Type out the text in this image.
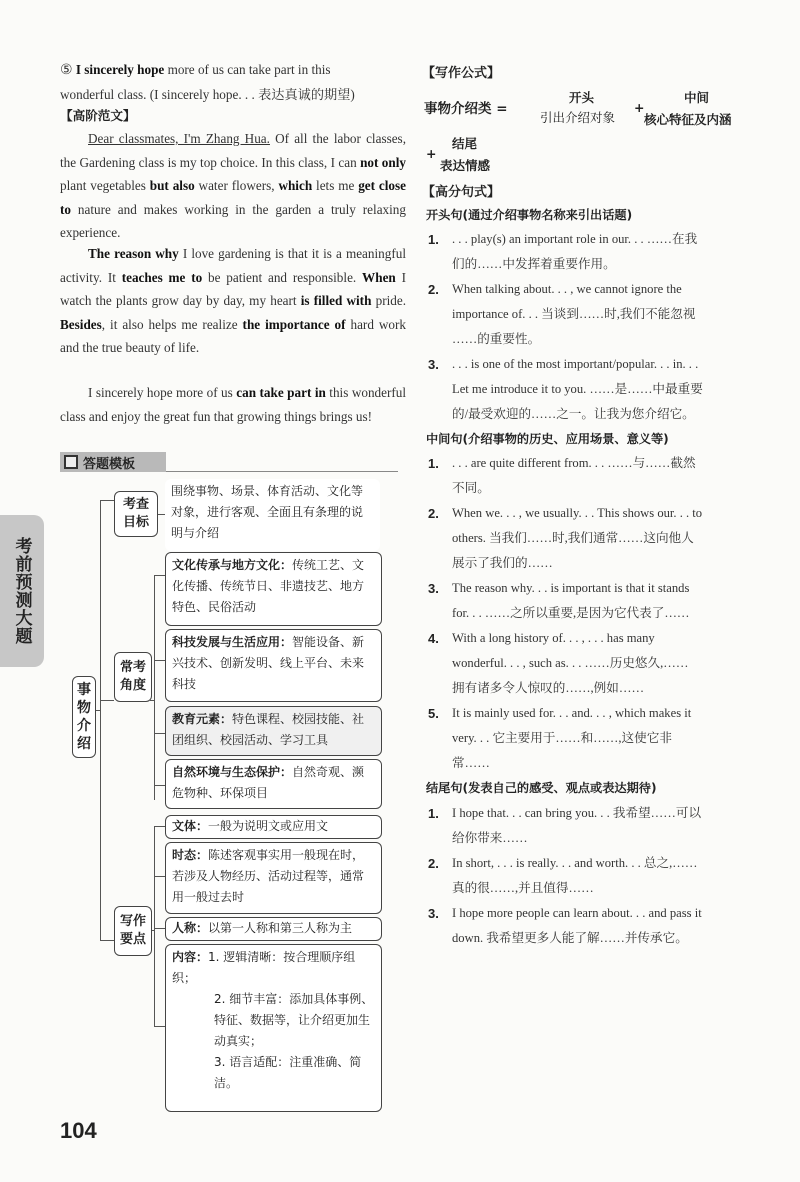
⑤ I sincerely hope more of us can take part in this
wonderful class. (I sincerely hope. . . 表达真诚的期望)
【高阶范文】

Dear classmates, I'm Zhang Hua. Of all the labor classes, the Gardening class is my top choice. In this class, I can not only plant vegetables but also water flowers, which lets me get close to nature and makes working in the garden a truly relaxing experience.

The reason why I love gardening is that it is a meaningful activity. It teaches me to be patient and responsible. When I watch the plants grow day by day, my heart is filled with pride. Besides, it also helps me realize the importance of hard work and the true beauty of life.

I sincerely hope more of us can take part in this wonderful class and enjoy the great fun that growing things brings us!

答题模板
考前预测大题
事物介绍
考查目标
围绕事物、场景、体育活动、文化等对象，进行客观、全面且有条理的说明与介绍
常考角度
文化传承与地方文化：传统工艺、文化传播、传统节日、非遗技艺、地方特色、民俗活动
科技发展与生活应用：智能设备、新兴技术、创新发明、线上平台、未来科技
教育元素：特色课程、校园技能、社团组织、校园活动、学习工具
自然环境与生态保护：自然奇观、濒危物种、环保项目
写作要点
文体：一般为说明文或应用文
时态：陈述客观事实用一般现在时，若涉及人物经历、活动过程等，通常用一般过去时
人称：以第一人称和第三人称为主
内容：1. 逻辑清晰：按合理顺序组织；
2. 细节丰富：添加具体事例、特征、数据等，让介绍更加生动真实；
3. 语言适配：注重准确、简洁。
104
【写作公式】
事物介绍类 =
开头
引出介绍对象
+
中间
核心特征及内涵
结尾
+
表达情感
【高分句式】
开头句(通过介绍事物名称来引出话题)
1. . . . play(s) an important role in our. . . ……在我
们的……中发挥着重要作用。
2. When talking about. . . , we cannot ignore the
importance of. . . 当谈到……时,我们不能忽视
……的重要性。
3. . . . is one of the most important/popular. . . in. . .
Let me introduce it to you. ……是……中最重要
的/最受欢迎的……之一。让我为您介绍它。
中间句(介绍事物的历史、应用场景、意义等)
1. . . . are quite different from. . . ……与……截然
不同。
2. When we. . . , we usually. . . This shows our. . . to
others. 当我们……时,我们通常……这向他人
展示了我们的……
3. The reason why. . . is important is that it stands
for. . . ……之所以重要,是因为它代表了……
4. With a long history of. . . , . . . has many
wonderful. . . , such as. . . ……历史悠久,……
拥有诸多令人惊叹的……,例如……
5. It is mainly used for. . . and. . . , which makes it
very. . . 它主要用于……和……,这使它非
常……
结尾句(发表自己的感受、观点或表达期待)
1. I hope that. . . can bring you. . . 我希望……可以
给你带来……
2. In short, . . . is really. . . and worth. . . 总之,……
真的很……,并且值得……
3. I hope more people can learn about. . . and pass it
down. 我希望更多人能了解……并传承它。
